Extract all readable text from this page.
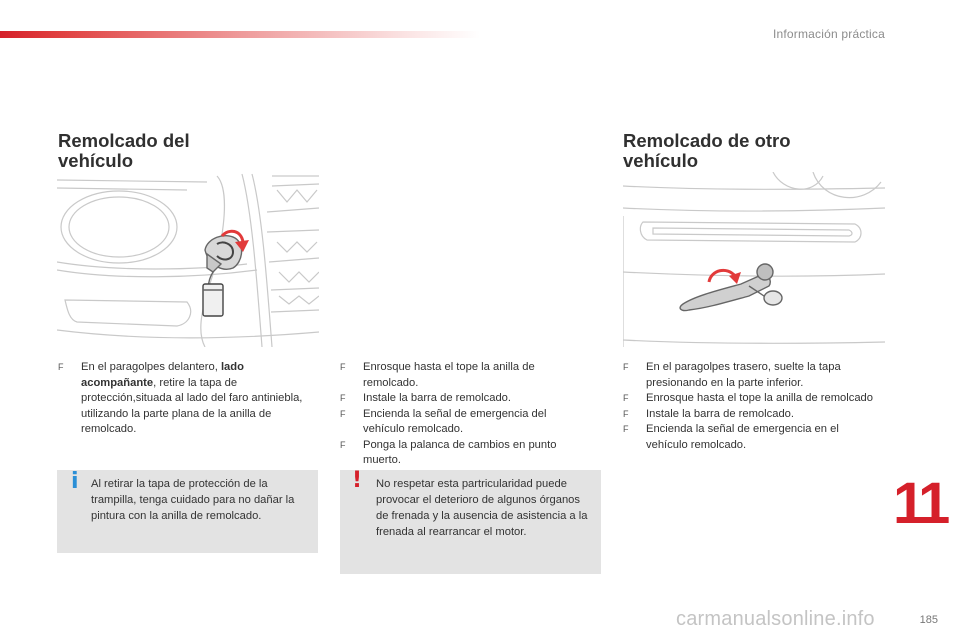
Información práctica
Remolcado del
vehículo
F En el paragolpes delantero, lado acompañante, retire la tapa de protección,situada al lado del faro antiniebla, utilizando la parte plana de la anilla de remolcado.
i Al retirar la tapa de protección de la trampilla, tenga cuidado para no dañar la pintura con la anilla de remolcado.
F Enrosque hasta el tope la anilla de remolcado.
F Instale la barra de remolcado.
F Encienda la señal de emergencia del vehículo remolcado.
F Ponga la palanca de cambios en punto muerto.
! No respetar esta partricularidad puede provocar el deterioro de algunos órganos de frenada y la ausencia de asistencia a la frenada al rearrancar el motor.
Remolcado de otro
vehículo
F En el paragolpes trasero, suelte la tapa presionando en la parte inferior.
F Enrosque hasta el tope la anilla de remolcado
F Instale la barra de remolcado.
F Encienda la señal de emergencia en el vehículo remolcado.
11
carmanualsonline.info	185
